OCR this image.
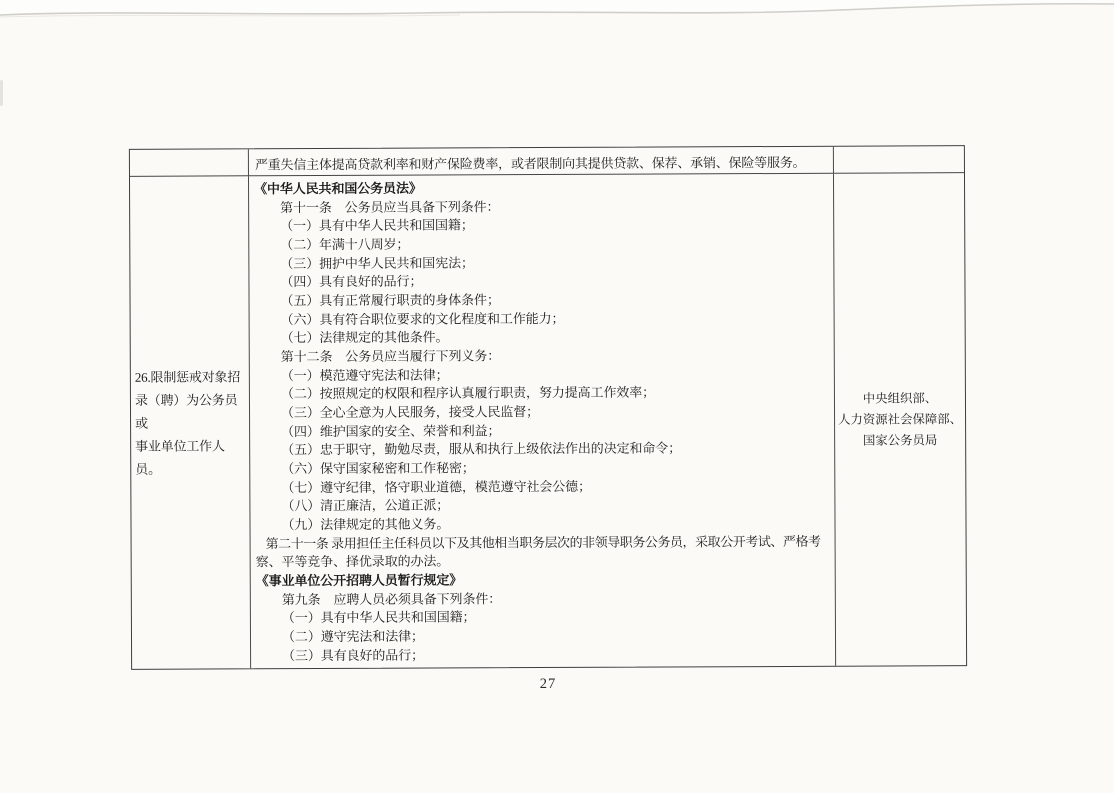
严重失信主体提高贷款利率和财产保险费率，或者限制向其提供贷款、保荐、承销、保险等服务。
26.限制惩戒对象招
录（聘）为公务员或
事业单位工作人员。
《中华人民共和国公务员法》
第十一条　公务员应当具备下列条件：
（一）具有中华人民共和国国籍；
（二）年满十八周岁；
（三）拥护中华人民共和国宪法；
（四）具有良好的品行；
（五）具有正常履行职责的身体条件；
（六）具有符合职位要求的文化程度和工作能力；
（七）法律规定的其他条件。
第十二条　公务员应当履行下列义务：
（一）模范遵守宪法和法律；
（二）按照规定的权限和程序认真履行职责，努力提高工作效率；
（三）全心全意为人民服务，接受人民监督；
（四）维护国家的安全、荣誉和利益；
（五）忠于职守，勤勉尽责，服从和执行上级依法作出的决定和命令；
（六）保守国家秘密和工作秘密；
（七）遵守纪律，恪守职业道德，模范遵守社会公德；
（八）清正廉洁，公道正派；
（九）法律规定的其他义务。
第二十一条 录用担任主任科员以下及其他相当职务层次的非领导职务公务员，采取公开考试、严格考
察、平等竞争、择优录取的办法。
《事业单位公开招聘人员暂行规定》
第九条　应聘人员必须具备下列条件：
（一）具有中华人民共和国国籍；
（二）遵守宪法和法律；
（三）具有良好的品行；
中央组织部、
人力资源社会保障部、
国家公务员局
27
